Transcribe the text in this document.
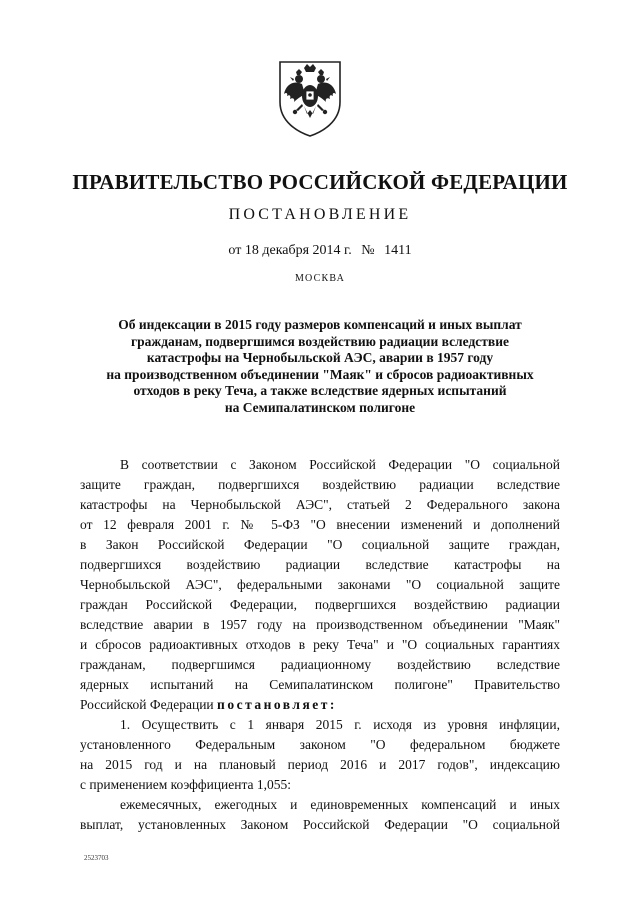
ПРАВИТЕЛЬСТВО РОССИЙСКОЙ ФЕДЕРАЦИИ
ПОСТАНОВЛЕНИЕ
от 18 декабря 2014 г. № 1411
МОСКВА
Об индексации в 2015 году размеров компенсаций и иных выплат
гражданам, подвергшимся воздействию радиации вследствие
катастрофы на Чернобыльской АЭС, аварии в 1957 году
на производственном объединении "Маяк" и сбросов радиоактивных
отходов в реку Теча, а также вследствие ядерных испытаний
на Семипалатинском полигоне
В соответствии с Законом Российской Федерации "О социальной
защите граждан, подвергшихся воздействию радиации вследствие
катастрофы на Чернобыльской АЭС", статьей 2 Федерального закона
от 12 февраля 2001 г. № 5-ФЗ "О внесении изменений и дополнений
в Закон Российской Федерации "О социальной защите граждан,
подвергшихся воздействию радиации вследствие катастрофы на
Чернобыльской АЭС", федеральными законами "О социальной защите
граждан Российской Федерации, подвергшихся воздействию радиации
вследствие аварии в 1957 году на производственном объединении "Маяк"
и сбросов радиоактивных отходов в реку Теча" и "О социальных гарантиях
гражданам, подвергшимся радиационному воздействию вследствие
ядерных испытаний на Семипалатинском полигоне" Правительство
Российской Федерации постановляет:
1. Осуществить с 1 января 2015 г. исходя из уровня инфляции,
установленного Федеральным законом "О федеральном бюджете
на 2015 год и на плановый период 2016 и 2017 годов", индексацию
с применением коэффициента 1,055:
ежемесячных, ежегодных и единовременных компенсаций и иных
выплат, установленных Законом Российской Федерации "О социальной
2523703
